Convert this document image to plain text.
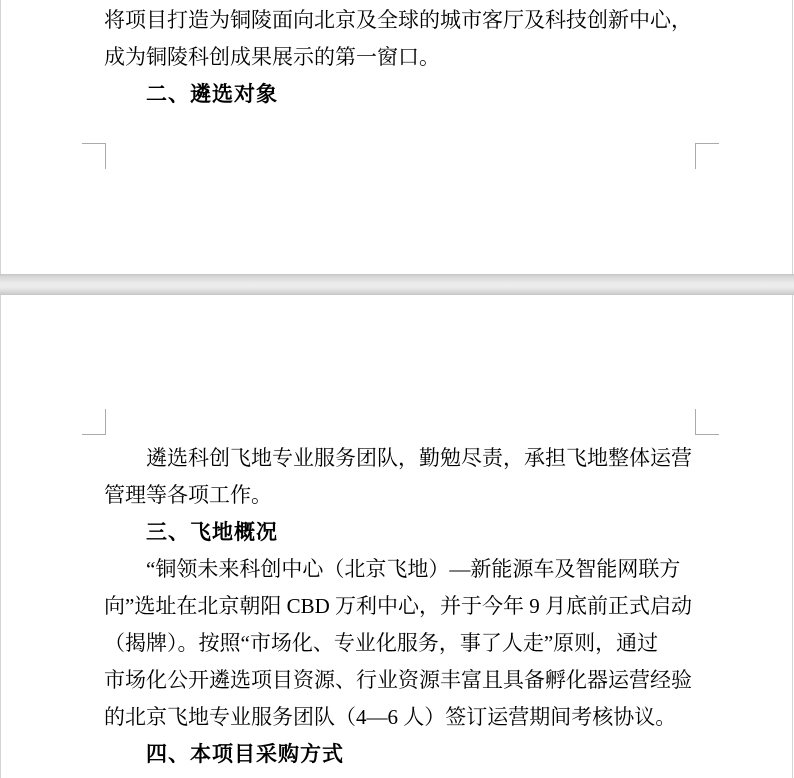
将项目打造为铜陵面向北京及全球的城市客厅及科技创新中心，
成为铜陵科创成果展示的第一窗口。
二、遴选对象
遴选科创飞地专业服务团队，勤勉尽责，承担飞地整体运营
管理等各项工作。
三、飞地概况
“铜领未来科创中心（北京飞地）—新能源车及智能网联方
向”选址在北京朝阳 CBD 万利中心，并于今年 9 月底前正式启动
（揭牌）。按照“市场化、专业化服务，事了人走”原则，通过
市场化公开遴选项目资源、行业资源丰富且具备孵化器运营经验
的北京飞地专业服务团队（4—6 人）签订运营期间考核协议。
四、本项目采购方式
